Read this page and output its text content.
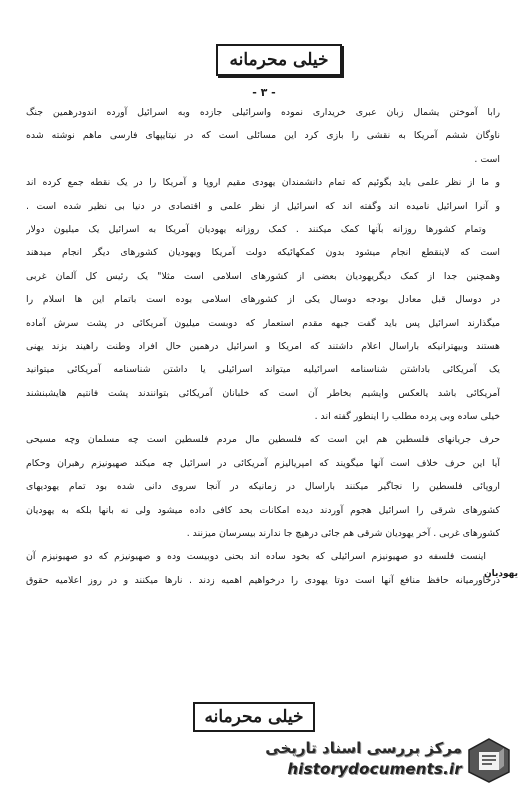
خیلی محرمانه
- ۳ -
رابا آموختن یشمال زبان عبری خریداری نموده واسرائیلی جازده وبه اسرائیل آورده اندودرهمین جنگ
ناوگان ششم آمریکا به نقشی را بازی کرد این مسائلی است که در نیتایپهای فارسی ماهم نوشته شده
است .
و ما از نظر علمی باید بگوئیم که تمام دانشمندان یهودی مقیم اروپا و آمریکا را در یک نقطه جمع کرده اند
و آنرا اسرائیل نامیده اند وگفته اند که اسرائیل از نظر علمی و اقتصادی در دنیا بی نظیر شده است .
وتمام کشورها روزانه بآنها کمک میکنند . کمک روزانه یهودیان آمریکا به اسرائیل یک میلیون دولار
است که لاینقطع انجام میشود بدون کمکهائیکه دولت آمریکا ویهودیان کشورهای دیگر انجام میدهند
وهمچنین جدا از کمک دیگریهودیان بعضی از کشورهای اسلامی است مثلا" یک رئیس کل آلمان غربی
در دوسال قبل معادل بودجه دوسال یکی از کشورهای اسلامی بوده است باتمام این ها اسلام را
میگذارند اسرائیل پس باید گفت جبهه مقدم استعمار که دوبست میلیون آمریکائی در پشت سرش آماده
هستند وبیهترانیکه باراسال اعلام داشتند که امریکا و اسرائیل درهمین حال افراد وطنت راهیند بزند یهنی
یک آمریکائی باداشتن شناسنامه اسرائیلیه میتواند اسرائیلی یا داشتن شناسنامه آمریکائی میتوانید
آمریکائی باشد یالعکس وایشیم بخاطر آن است که خلبانان آمریکائی بتوانندند پشت فانتیم هایشبنشند
خیلی ساده وبی پرده مطلب را اینطور گفته اند .
حرف جریانهای فلسطین هم این است که فلسطین مال مردم فلسطین است چه مسلمان وچه مسیحی
آیا این حرف خلاف است آنها میگویند که امپریالیزم آمریکائی در اسرائیل چه میکند صهیونیزم رهبران وحکام
اروپائی فلسطین را نجاگیر میکنند باراسال در زمانیکه در آنجا سروی دانی شده بود تمام یهودیهای
کشورهای شرقی را اسرائیل هجوم آوردند دیده امکانات بحد کافی داده میشود ولی نه بانها بلکه به یهودیان
کشورهای غربی . آخر یهودیان شرقی هم جائی درهیچ جا ندارند بیسرسان میزنند .
اینست فلسفه دو صهیونیزم اسرائیلی که بخود ساده اند بحنی دوبیست وده و صهیونیزم که دو صهیونیزم آن
درخاورمیانه حافظ منافع آنها است دوتا یهودی را درخواهیم اهمیه زدند . نارها میکنند و در روز اعلامیه حقوق
یهودیان
خیلی محرمانه
مرکز بررسی اسناد تاریخی
historydocuments.ir
